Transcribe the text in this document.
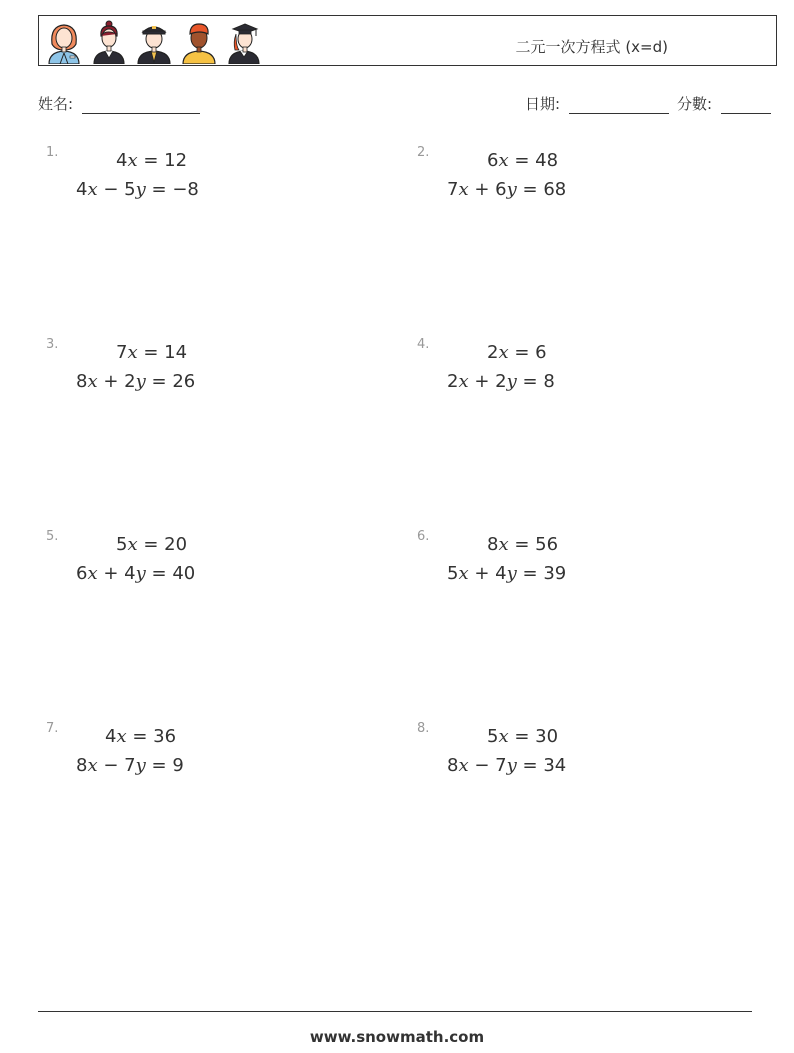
二元一次方程式 (x=d)
姓名:	日期:	分數:
1.	4x = 12
4x − 5y = −8
2.	6x = 48
7x + 6y = 68
3.	7x = 14
8x + 2y = 26
4.	2x = 6
2x + 2y = 8
5.	5x = 20
6x + 4y = 40
6.	8x = 56
5x + 4y = 39
7.	4x = 36
8x − 7y = 9
8.	5x = 30
8x − 7y = 34
www.snowmath.com
